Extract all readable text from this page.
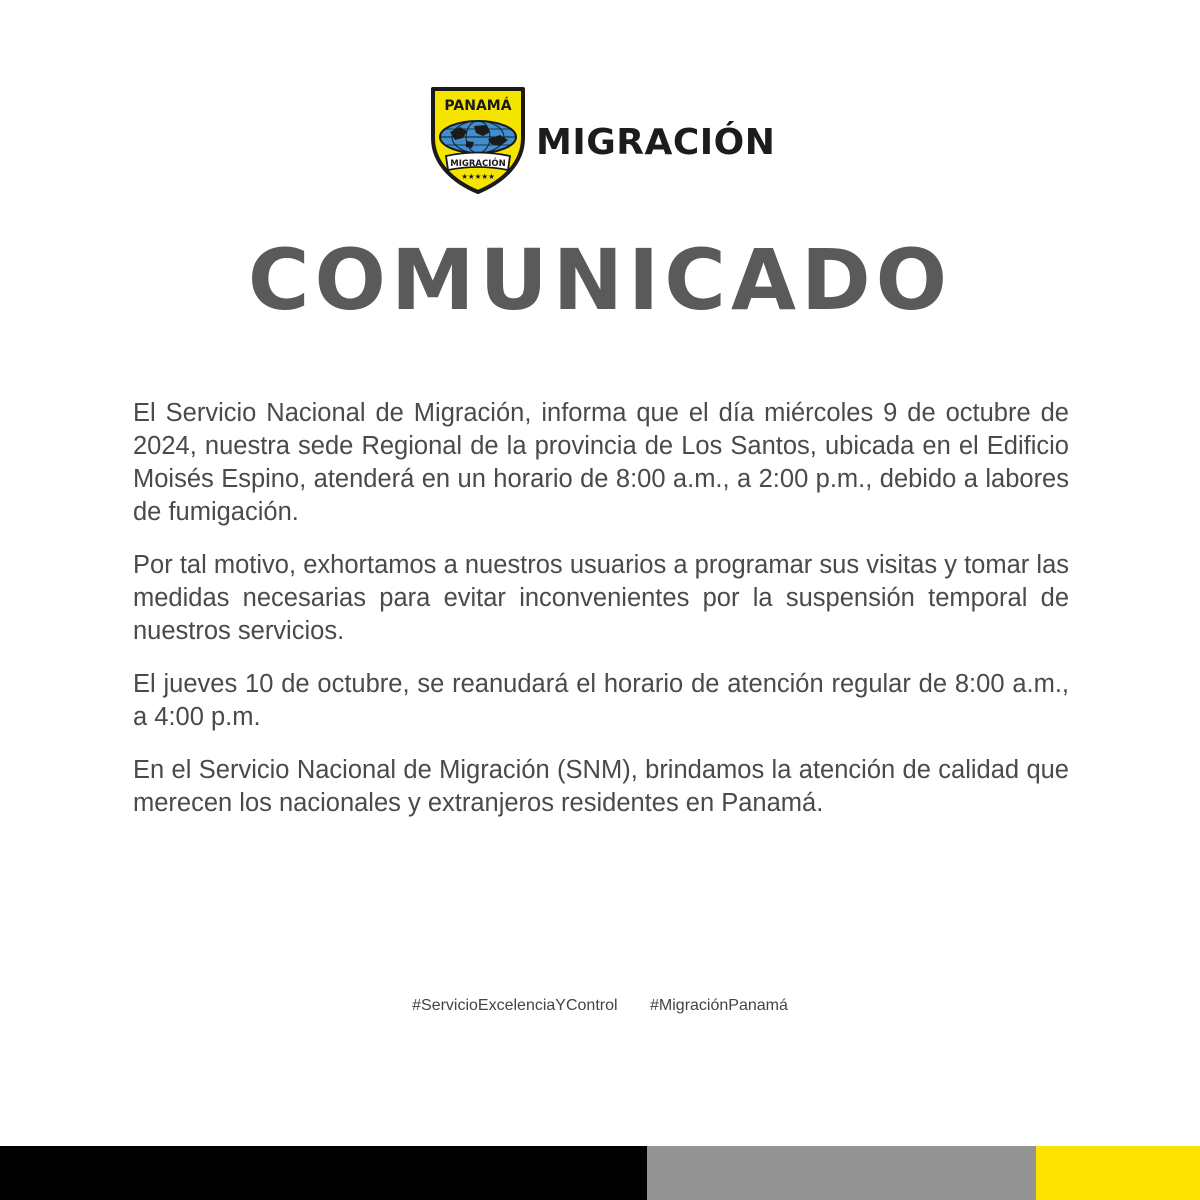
PANAMÁ
MIGRACIÓN
★★★★★
MIGRACIÓN
COMUNICADO

El Servicio Nacional de Migración, informa que el día miércoles 9 de octubre de 2024, nuestra sede Regional de la provincia de Los Santos, ubicada en el Edificio Moisés Espino, atenderá en un horario de 8:00 a.m., a 2:00 p.m., debido a labores de fumigación.

Por tal motivo, exhortamos a nuestros usuarios a programar sus visitas y tomar las medidas necesarias para evitar inconvenientes por la suspensión temporal de nuestros servicios.

El jueves 10 de octubre, se reanudará el horario de atención regular de 8:00 a.m., a 4:00 p.m.

En el Servicio Nacional de Migración (SNM), brindamos la atención de calidad que merecen los nacionales y extranjeros residentes en Panamá.

#ServicioExcelenciaYControl #MigraciónPanamá
